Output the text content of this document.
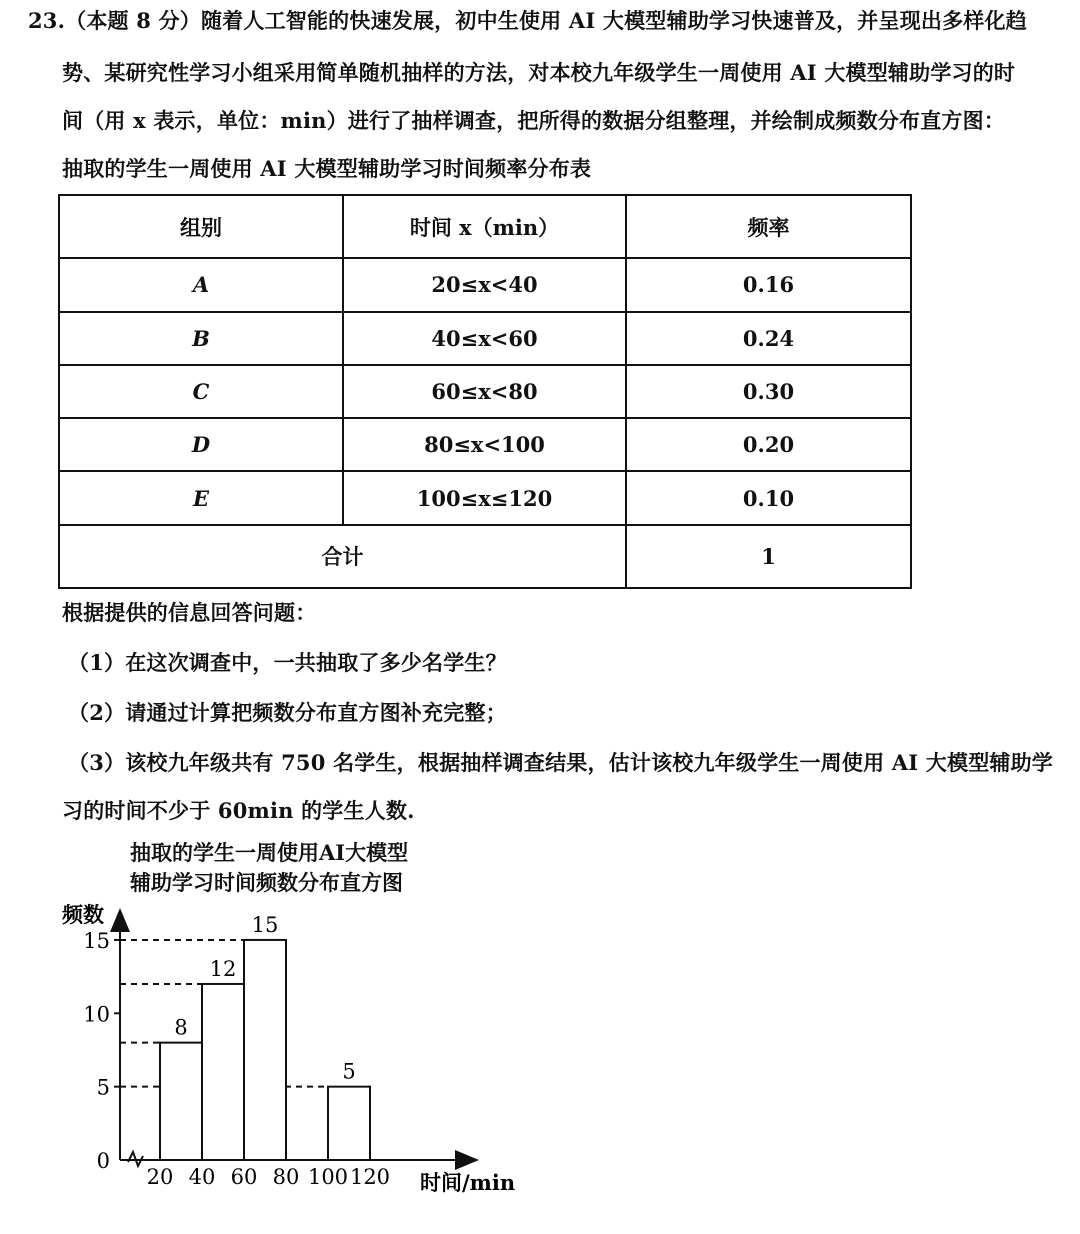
23.（本题 8 分）随着人工智能的快速发展，初中生使用 AI 大模型辅助学习快速普及，并呈现出多样化趋
势、某研究性学习小组采用简单随机抽样的方法，对本校九年级学生一周使用 AI 大模型辅助学习的时
间（用 x 表示，单位：min）进行了抽样调查，把所得的数据分组整理，并绘制成频数分布直方图：
抽取的学生一周使用 AI 大模型辅助学习时间频率分布表
组别	时间 x（min）	频率
A	20≤x<40	0.16
B	40≤x<60	0.24
C	60≤x<80	0.30
D	80≤x<100	0.20
E	100≤x≤120	0.10
合计		1
根据提供的信息回答问题：
（1）在这次调查中，一共抽取了多少名学生？
（2）请通过计算把频数分布直方图补充完整；
（3）该校九年级共有 750 名学生，根据抽样调查结果，估计该校九年级学生一周使用 AI 大模型辅助学
习的时间不少于 60min 的学生人数.
抽取的学生一周使用AI大模型
辅助学习时间频数分布直方图
频数
时间/min
0
5
10
15
20 40 60 80 100 120
8
12
15
5
